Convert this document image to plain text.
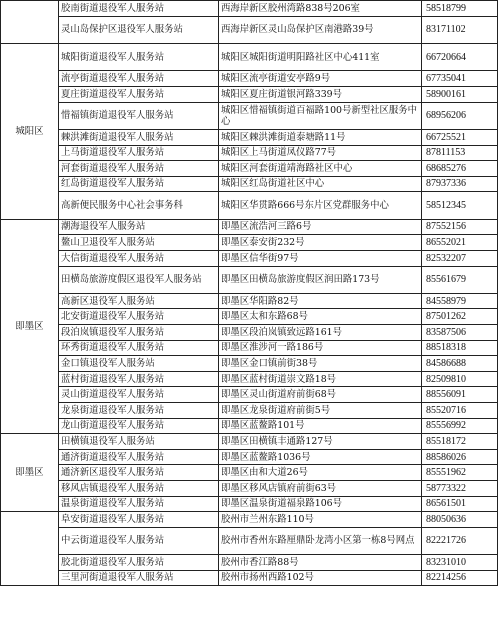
	胶南街道退役军人服务站	西海岸新区胶州湾路838号206室	58518799
	灵山岛保护区退役军人服务站	西海岸新区灵山岛保护区南港路39号	83171102
城阳区	城阳街道退役军人服务站	城阳区城阳街道明阳路社区中心411室	66720664
	流亭街道退役军人服务站	城阳区流亭街道安亭路9号	67735041
	夏庄街道退役军人服务站	城阳区夏庄街道银河路339号	58900161
	惜福镇街道退役军人服务站	城阳区惜福镇街道百福路100号新型社区服务中心	68956206
	棘洪滩街道退役军人服务站	城阳区棘洪滩街道泰塘路11号	66725521
	上马街道退役军人服务站	城阳区上马街道凤仪路77号	87811153
	河套街道退役军人服务站	城阳区河套街道靖海路社区中心	68685276
	红岛街道退役军人服务站	城阳区红岛街道社区中心	87937336
	高新便民服务中心社会事务科	城阳区华贯路666号东片区党群服务中心	58512345
即墨区	潮海退役军人服务站	即墨区流浩河三路6号	87552156
	鳌山卫退役军人服务站	即墨区泰安街232号	86552021
	大信街道退役军人服务站	即墨区信华街97号	82532207
	田横岛旅游度假区退役军人服务站	即墨区田横岛旅游度假区润田路173号	85561679
	高新区退役军人服务站	即墨区华阳路82号	84558979
	北安街道退役军人服务站	即墨区太和东路68号	87501262
	段泊岚镇退役军人服务站	即墨区段泊岚镇致远路161号	83587506
	环秀街道退役军人服务站	即墨区淮涉河一路186号	88518318
	金口镇退役军人服务站	即墨区金口镇前街38号	84586688
	蓝村街道退役军人服务站	即墨区蓝村街道崇文路18号	82509810
	灵山街道退役军人服务站	即墨区灵山街道府前街68号	88556091
	龙泉街道退役军人服务站	即墨区龙泉街道府前街5号	85520716
	龙山街道退役军人服务站	即墨区蓝鳌路101号	85556992
即墨区	田横镇退役军人服务站	即墨区田横镇丰通路127号	85518172
	通济街道退役军人服务站	即墨区蓝鳌路1036号	88586026
	通济新区退役军人服务站	即墨区由和大道26号	85551962
	移风店镇退役军人服务站	即墨区移风店镇府前街63号	58773322
	温泉街道退役军人服务站	即墨区温泉街道福泉路106号	86561501
	阜安街道退役军人服务站	胶州市兰州东路110号	88050636
	中云街道退役军人服务站	胶州市香州东路厘鼎卧龙湾小区第一栋8号网点	82221726
	胶北街道退役军人服务站	胶州市香江路88号	83231010
	三里河街道退役军人服务站	胶州市扬州西路102号	82214256
